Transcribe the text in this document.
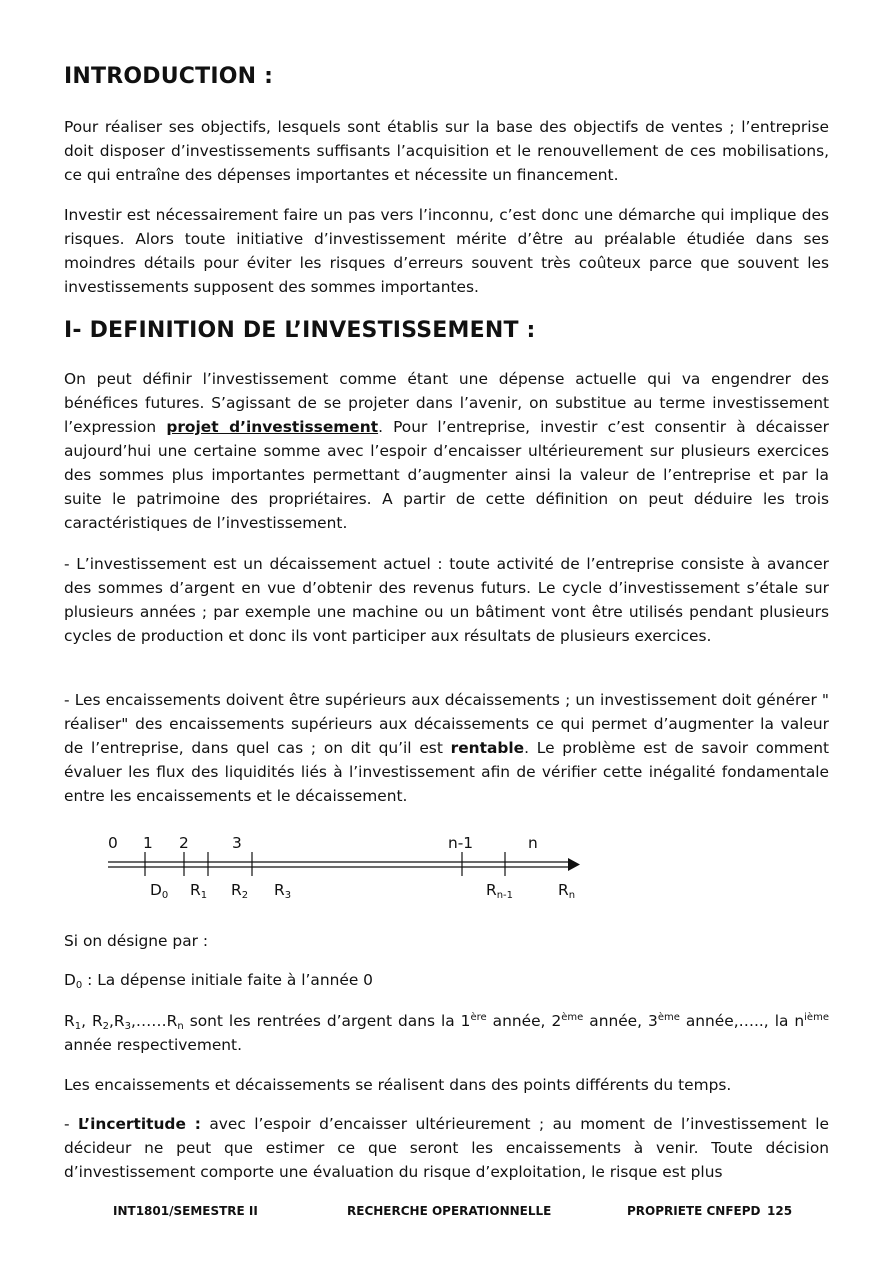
INTRODUCTION :

Pour réaliser ses objectifs, lesquels sont établis sur la base des objectifs de ventes ; l’entreprise doit disposer d’investissements suffisants l’acquisition et le renouvellement de ces mobilisations, ce qui entraîne des dépenses importantes et nécessite un financement.

Investir est nécessairement faire un pas vers l’inconnu, c’est donc une démarche qui implique des risques. Alors toute initiative d’investissement mérite d’être au préalable étudiée dans ses moindres détails pour éviter les risques d’erreurs souvent très coûteux parce que souvent les investissements supposent des sommes importantes.

I- DEFINITION DE L’INVESTISSEMENT :

On peut définir l’investissement comme étant une dépense actuelle qui va engendrer des bénéfices futures. S’agissant de se projeter dans l’avenir, on substitue au terme investissement l’expression projet d’investissement. Pour l’entreprise, investir c’est consentir à décaisser aujourd’hui une certaine somme avec l’espoir d’encaisser ultérieurement sur plusieurs exercices des sommes plus importantes permettant d’augmenter ainsi la valeur de l’entreprise et par la suite le patrimoine des propriétaires. A partir de cette définition on peut déduire les trois caractéristiques de l’investissement.

- L’investissement est un décaissement actuel : toute activité de l’entreprise consiste à avancer des sommes d’argent en vue d’obtenir des revenus futurs. Le cycle d’investissement s’étale sur plusieurs années ; par exemple une machine ou un bâtiment vont être utilisés pendant plusieurs cycles de production et donc ils vont participer aux résultats de plusieurs exercices.

- Les encaissements doivent être supérieurs aux décaissements ; un investissement doit générer " réaliser" des encaissements supérieurs aux décaissements ce qui permet d’augmenter la valeur de l’entreprise, dans quel cas ; on dit qu’il est rentable. Le problème est de savoir comment évaluer les flux des liquidités liés à l’investissement afin de vérifier cette inégalité fondamentale entre les encaissements et le décaissement.

0 1 2	3	n-1	n
$D_0$ $R_1$ $R_2$ $R_3$	$R_{n-1}$	$R_n$

Si on désigne par :

$D_0$ : La dépense initiale faite à l’année 0

$R_1$, $R_2,R_3,\dots\dots R_n$ sont les rentrées d’argent dans la 1ère année, 2ème année, 3ème année,….., la $n^{ième}$ année respectivement.

Les encaissements et décaissements se réalisent dans des points différents du temps.

- L’incertitude : avec l’espoir d’encaisser ultérieurement ; au moment de l’investissement le décideur ne peut que estimer ce que seront les encaissements à venir. Toute décision d’investissement comporte une évaluation du risque d’exploitation, le risque est plus

INT1801/SEMESTRE II	RECHERCHE OPERATIONNELLE	PROPRIETE CNFEPD 125
